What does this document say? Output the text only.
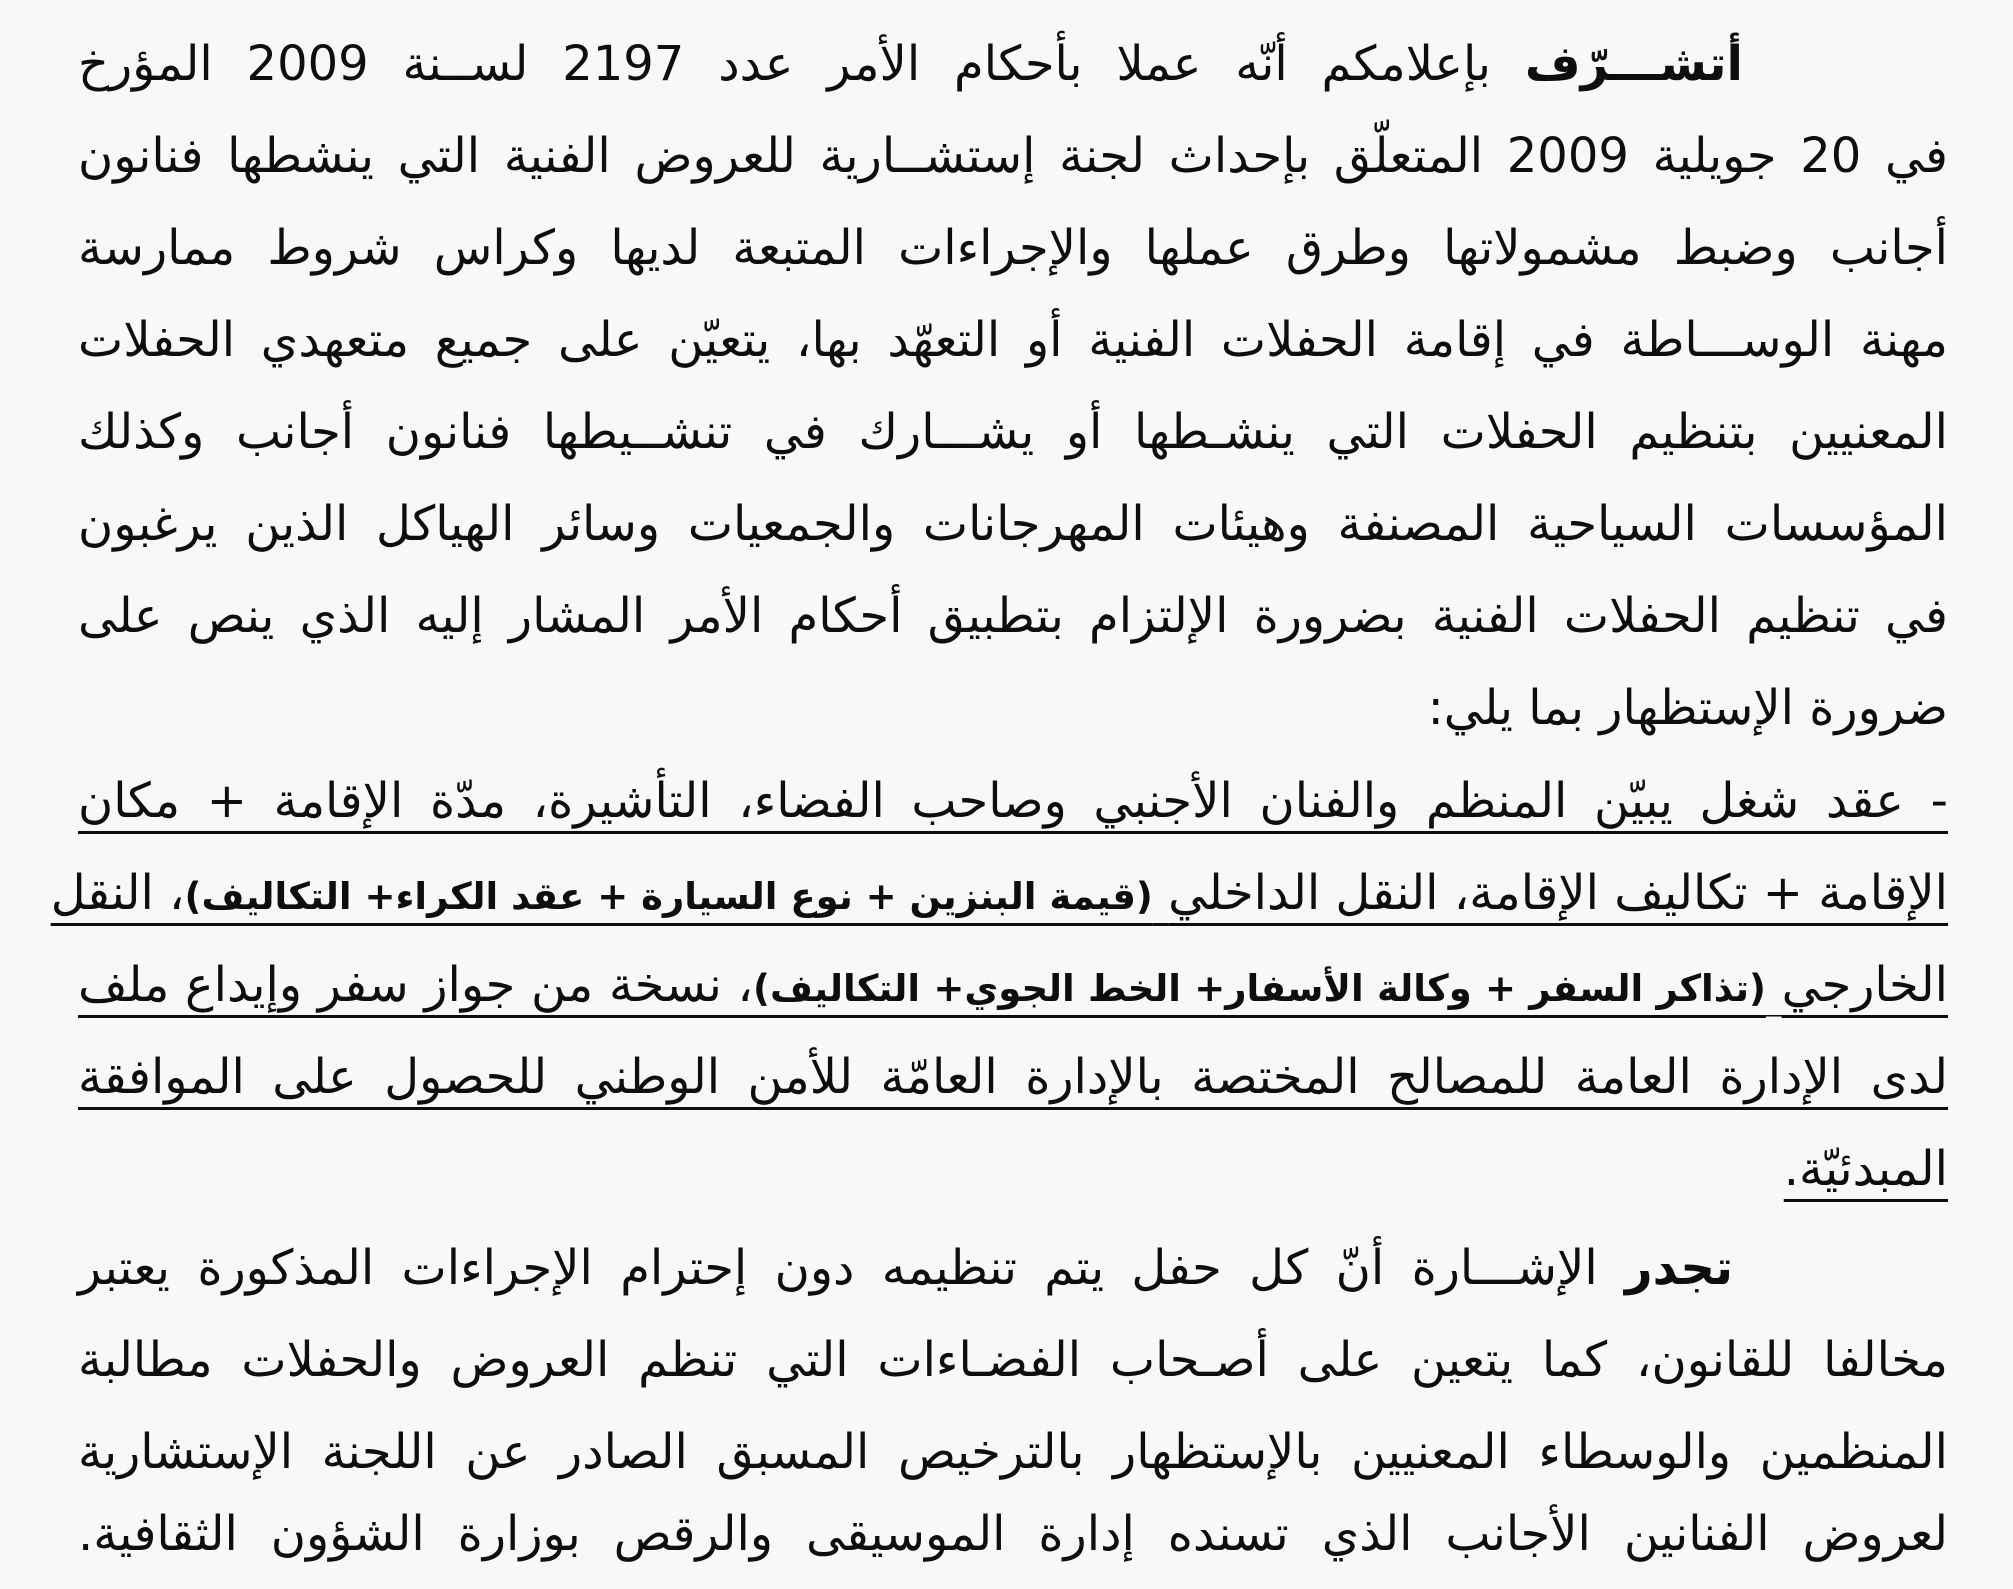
أتشـــرّف بإعلامكم أنّه عملا بأحكام الأمر عدد 2197 لســنة 2009 المؤرخ
في 20 جويلية 2009 المتعلّق بإحداث لجنة إستشــارية للعروض الفنية التي ينشطها فنانون
أجانب وضبط مشمولاتها وطرق عملها والإجراءات المتبعة لديها وكراس شروط ممارسة
مهنة الوســـاطة في إقامة الحفلات الفنية أو التعهّد بها، يتعيّن على جميع متعهدي الحفلات
المعنيين بتنظيم الحفلات التي ينشـطها أو يشـــارك في تنشــيطها فنانون أجانب وكذلك
المؤسسات السياحية المصنفة وهيئات المهرجانات والجمعيات وسائر الهياكل الذين يرغبون
في تنظيم الحفلات الفنية بضرورة الإلتزام بتطبيق أحكام الأمر المشار إليه الذي ينص على
ضرورة الإستظهار بما يلي:
- عقد شغل يبيّن المنظم والفنان الأجنبي وصاحب الفضاء، التأشيرة، مدّة الإقامة + مكان
الإقامة + تكاليف الإقامة، النقل الداخلي (قيمة البنزين + نوع السيارة + عقد الكراء+ التكاليف)، النقل
الخارجي (تذاكر السفر + وكالة الأسفار+ الخط الجوي+ التكاليف)، نسخة من جواز سفر وإيداع ملف
لدى الإدارة العامة للمصالح المختصة بالإدارة العامّة للأمن الوطني للحصول على الموافقة
المبدئيّة.
تجدر الإشـــارة أنّ كل حفل يتم تنظيمه دون إحترام الإجراءات المذكورة يعتبر
مخالفا للقانون، كما يتعين على أصـحاب الفضـاءات التي تنظم العروض والحفلات مطالبة
المنظمين والوسطاء المعنيين بالإستظهار بالترخيص المسبق الصادر عن اللجنة الإستشارية
لعروض الفنانين الأجانب الذي تسنده إدارة الموسيقى والرقص بوزارة الشؤون الثقافية.
